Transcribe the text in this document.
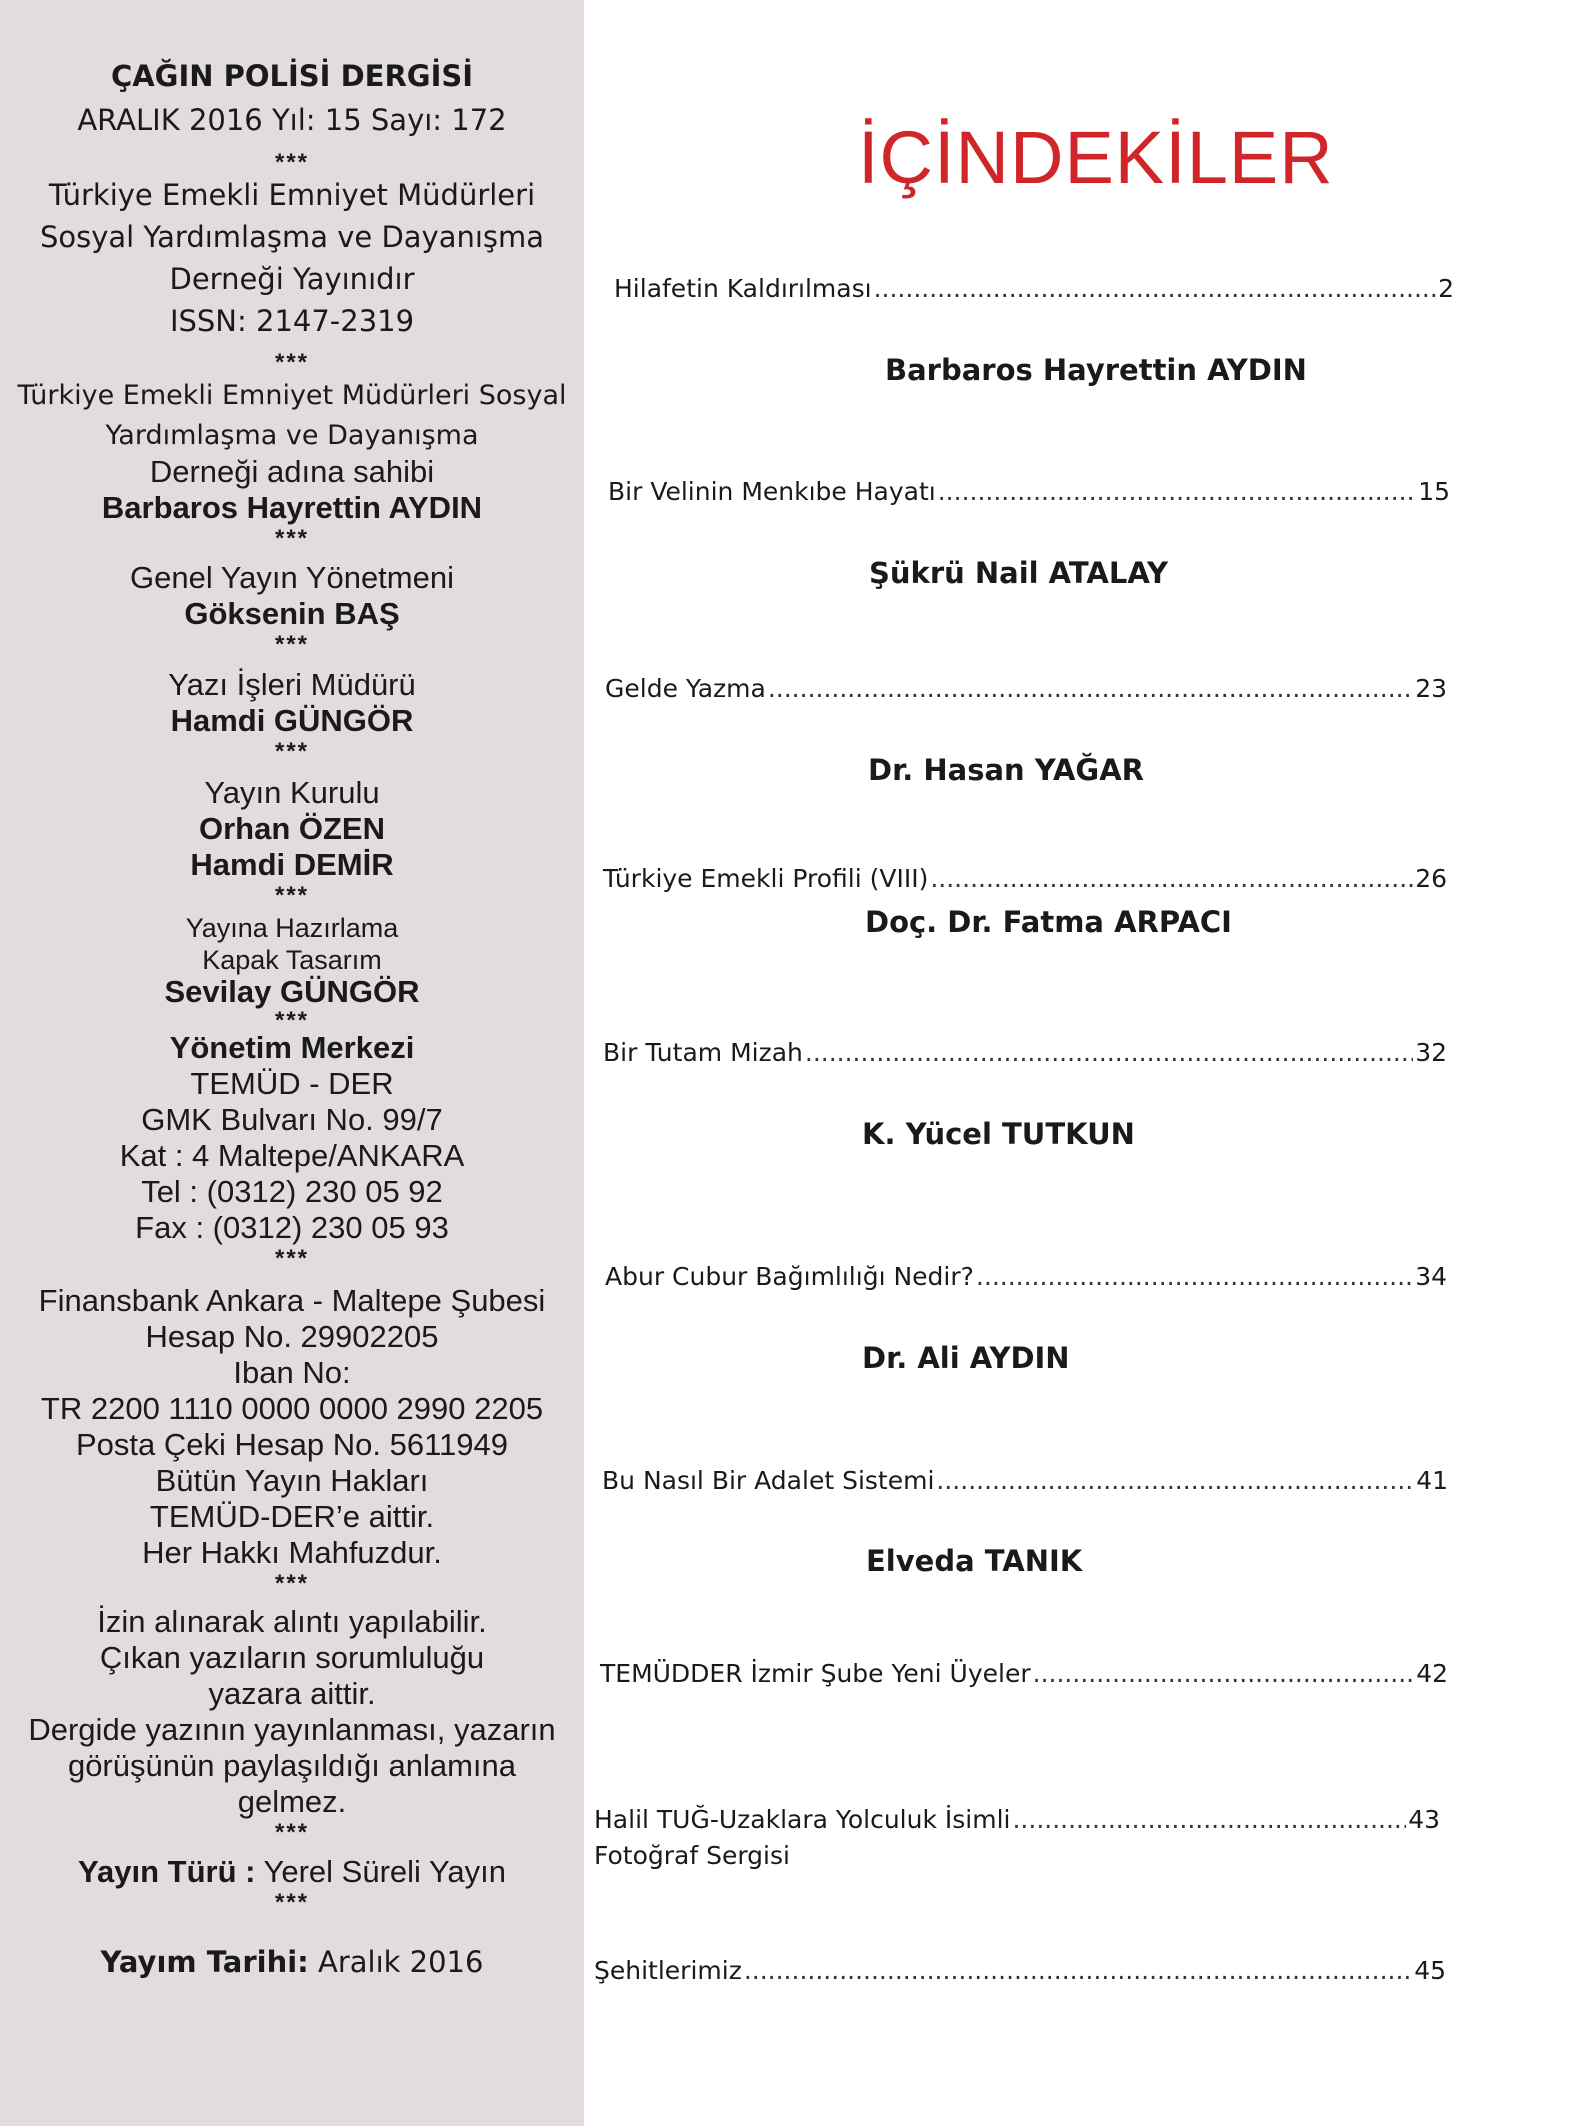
ÇAĞIN POLİSİ DERGİSİ
ARALIK 2016 Yıl: 15 Sayı: 172
***
Türkiye Emekli Emniyet Müdürleri
Sosyal Yardımlaşma ve Dayanışma
Derneği Yayınıdır
ISSN: 2147-2319
***
Türkiye Emekli Emniyet Müdürleri Sosyal
Yardımlaşma ve Dayanışma
Derneği adına sahibi
Barbaros Hayrettin AYDIN
***
Genel Yayın Yönetmeni
Göksenin BAŞ
***
Yazı İşleri Müdürü
Hamdi GÜNGÖR
***
Yayın Kurulu
Orhan ÖZEN
Hamdi DEMİR
***
Yayına Hazırlama
Kapak Tasarım
Sevilay GÜNGÖR
***
Yönetim Merkezi
TEMÜD - DER
GMK Bulvarı No. 99/7
Kat : 4 Maltepe/ANKARA
Tel : (0312) 230 05 92
Fax : (0312) 230 05 93
***
Finansbank Ankara - Maltepe Şubesi
Hesap No. 29902205
Iban No:
TR 2200 1110 0000 0000 2990 2205
Posta Çeki Hesap No. 5611949
Bütün Yayın Hakları
TEMÜD-DER’e aittir.
Her Hakkı Mahfuzdur.
***
İzin alınarak alıntı yapılabilir.
Çıkan yazıların sorumluluğu
yazara aittir.
Dergide yazının yayınlanması, yazarın
görüşünün paylaşıldığı anlamına
gelmez.
***
Yayın Türü : Yerel Süreli Yayın
***
Yayım Tarihi: Aralık 2016
İÇİNDEKİLER
Hilafetin Kaldırılması .....	2
Barbaros Hayrettin AYDIN
Bir Velinin Menkıbe Hayatı .....	15
Şükrü Nail ATALAY
Gelde Yazma .....	23
Dr. Hasan YAĞAR
Türkiye Emekli Profili (VIII) .....	26
Doç. Dr. Fatma ARPACI
Bir Tutam Mizah .....	32
K. Yücel TUTKUN
Abur Cubur Bağımlılığı Nedir? .....	34
Dr. Ali AYDIN
Bu Nasıl Bir Adalet Sistemi .....	41
Elveda TANIK
TEMÜDDER İzmir Şube Yeni Üyeler .....	42
Halil TUĞ-Uzaklara Yolculuk İsimli .....	43
Fotoğraf Sergisi
Şehitlerimiz .....	45
